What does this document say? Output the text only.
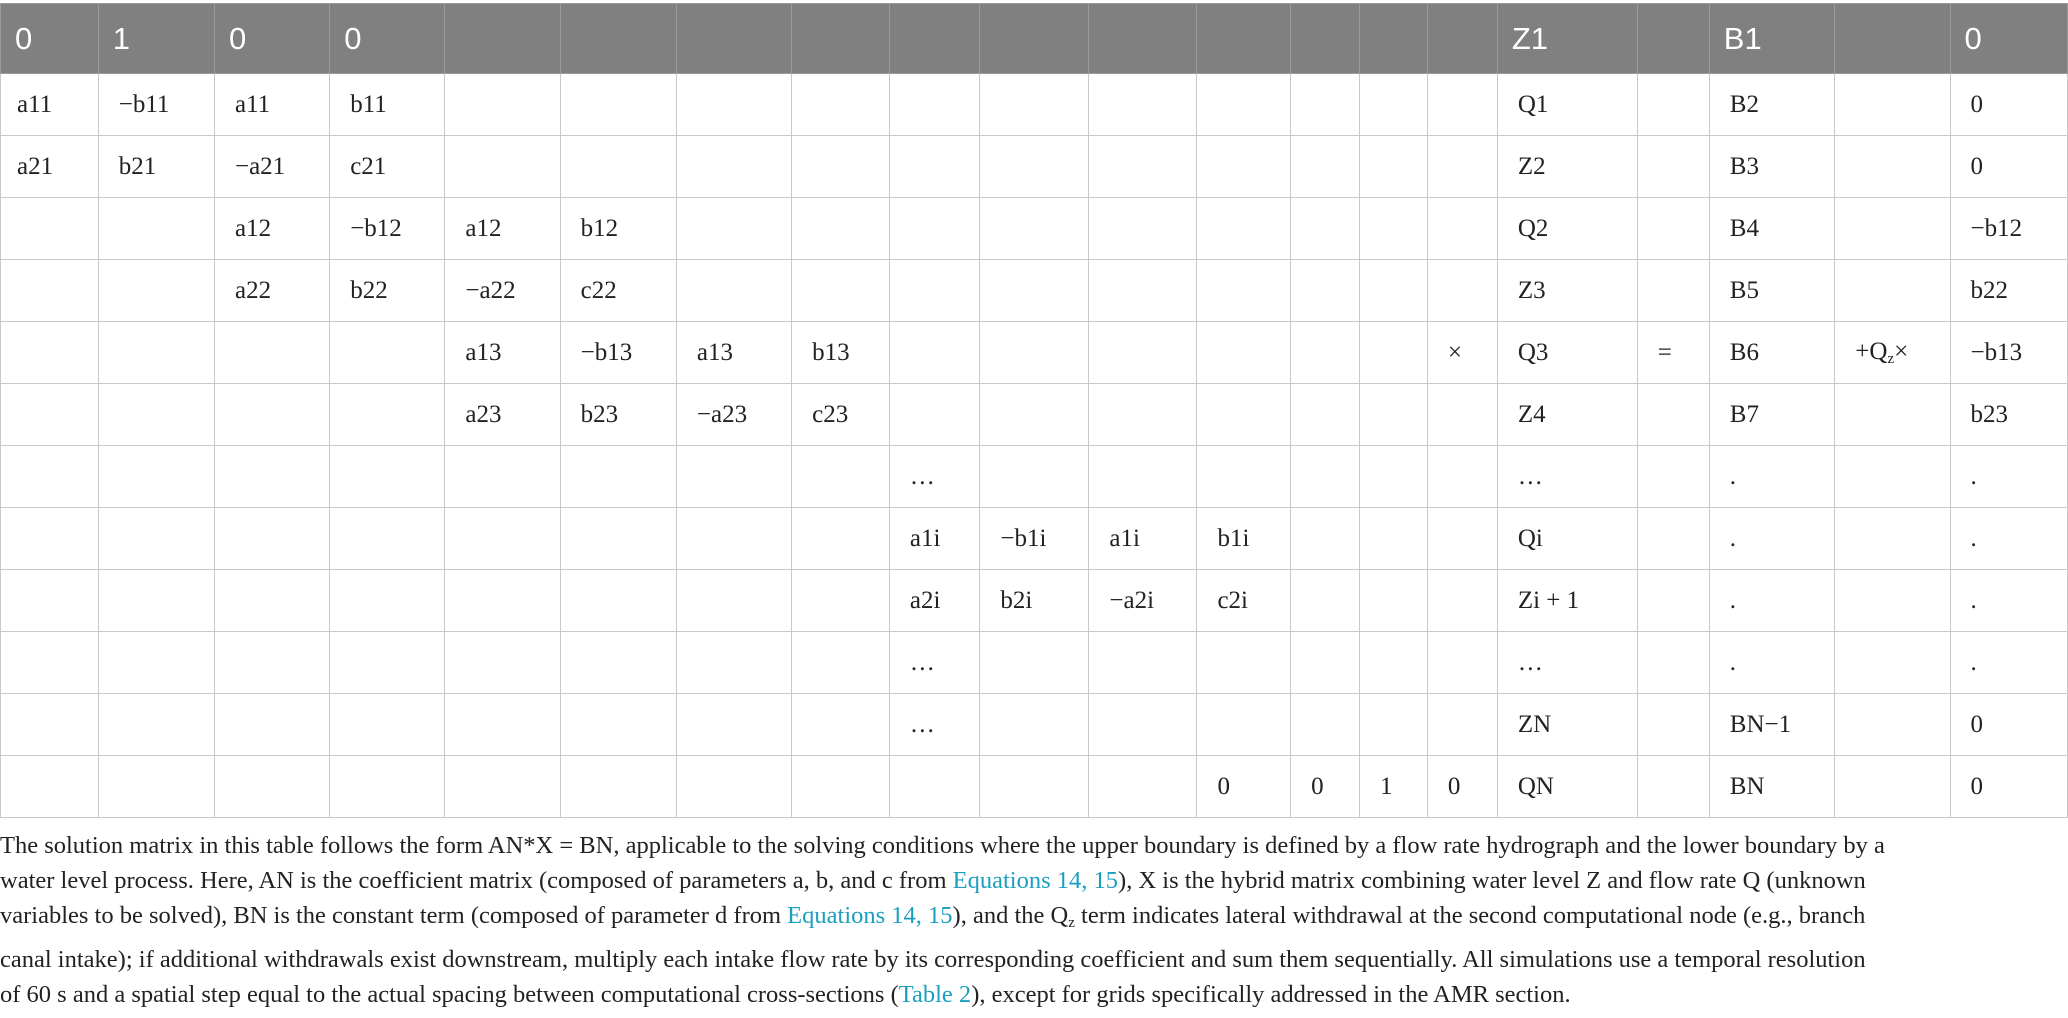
0	1	0	0												Z1		B1		0
a11	−b11	a11	b11												Q1		B2		0
a21	b21	−a21	c21												Z2		B3		0
		a12	−b12	a12	b12										Q2		B4		−b12
		a22	b22	−a22	c22										Z3		B5		b22
				a13	−b13	a13	b13							×	Q3	=	B6	$+Q_z\times$	−b13
				a23	b23	−a23	c23								Z4		B7		b23
								…							…		.		.
								a1i	−b1i	a1i	b1i				Qi		.		.
								a2i	b2i	−a2i	c2i				Zi + 1		.		.
								…							…		.		.
								…							ZN		BN−1		0
											0	0	1	0	QN		BN		0
The solution matrix in this table follows the form AN*X = BN, applicable to the solving conditions where the upper boundary is defined by a flow rate hydrograph and the lower boundary by a
water level process. Here, AN is the coefficient matrix (composed of parameters a, b, and c from Equations 14, 15), X is the hybrid matrix combining water level Z and flow rate Q (unknown
variables to be solved), BN is the constant term (composed of parameter d from Equations 14, 15), and the $Q_z$ term indicates lateral withdrawal at the second computational node (e.g., branch
canal intake); if additional withdrawals exist downstream, multiply each intake flow rate by its corresponding coefficient and sum them sequentially. All simulations use a temporal resolution
of 60 s and a spatial step equal to the actual spacing between computational cross-sections (Table 2), except for grids specifically addressed in the AMR section.
